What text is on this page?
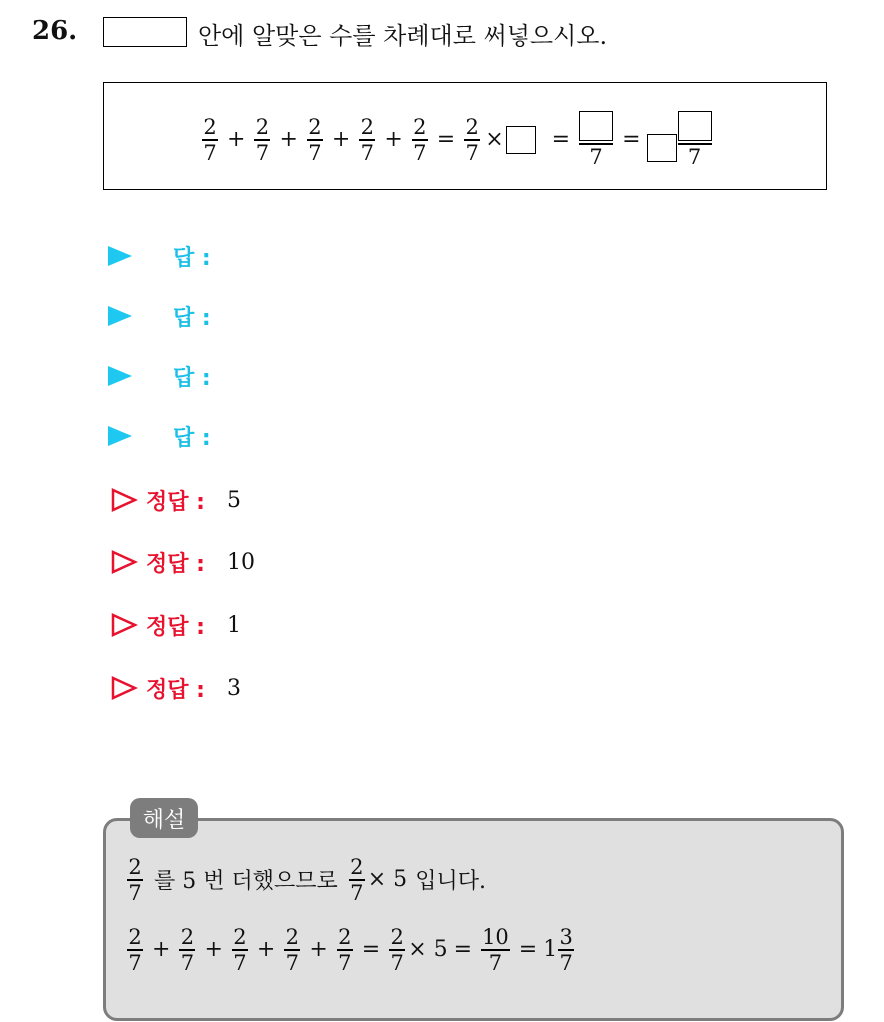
26.	안에 알맞은 수를 차례대로 써넣으시오.
$\frac{2}{7} + \frac{2}{7} + \frac{2}{7} + \frac{2}{7} + \frac{2}{7} = \frac{2}{7}$ × =
7
=
7
답 :
답 :
답 :
답 :
정답 : 5
정답 : 10
정답 : 1
정답 : 3
해설
$\frac{2}{7}$ 를 5 번 더했으므로 $\frac{2}{7} \times 5$ 입니다.
$\frac{2}{7} + \frac{2}{7} + \frac{2}{7} + \frac{2}{7} + \frac{2}{7} = \frac{2}{7} \times 5 = \frac{10}{7} = 1 \frac{3}{7}$
